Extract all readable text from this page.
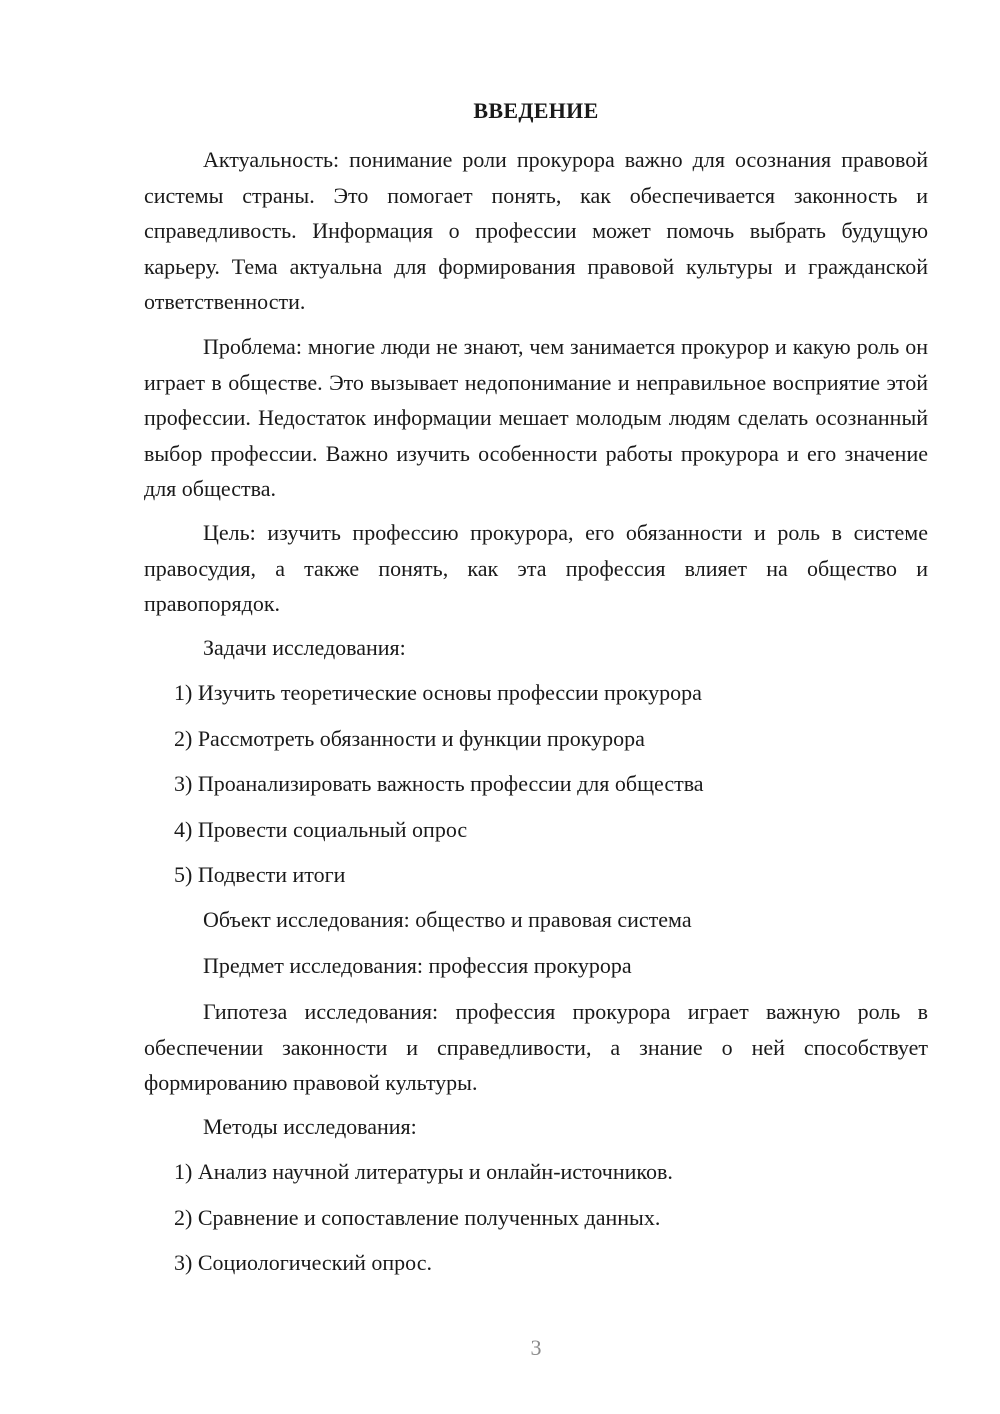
ВВЕДЕНИЕ

Актуальность: понимание роли прокурора важно для осознания правовой системы страны. Это помогает понять, как обеспечивается законность и справедливость. Информация о профессии может помочь выбрать будущую карьеру. Тема актуальна для формирования правовой культуры и гражданской ответственности.

Проблема: многие люди не знают, чем занимается прокурор и какую роль он играет в обществе. Это вызывает недопонимание и неправильное восприятие этой профессии. Недостаток информации мешает молодым людям сделать осознанный выбор профессии. Важно изучить особенности работы прокурора и его значение для общества.

Цель: изучить профессию прокурора, его обязанности и роль в системе правосудия, а также понять, как эта профессия влияет на общество и правопорядок.

Задачи исследования:

1) Изучить теоретические основы профессии прокурора

2) Рассмотреть обязанности и функции прокурора

3) Проанализировать важность профессии для общества

4) Провести социальный опрос

5) Подвести итоги

Объект исследования: общество и правовая система

Предмет исследования: профессия прокурора

Гипотеза исследования: профессия прокурора играет важную роль в обеспечении законности и справедливости, а знание о ней способствует формированию правовой культуры.

Методы исследования:

1) Анализ научной литературы и онлайн-источников.

2) Сравнение и сопоставление полученных данных.

3) Социологический опрос.

3
